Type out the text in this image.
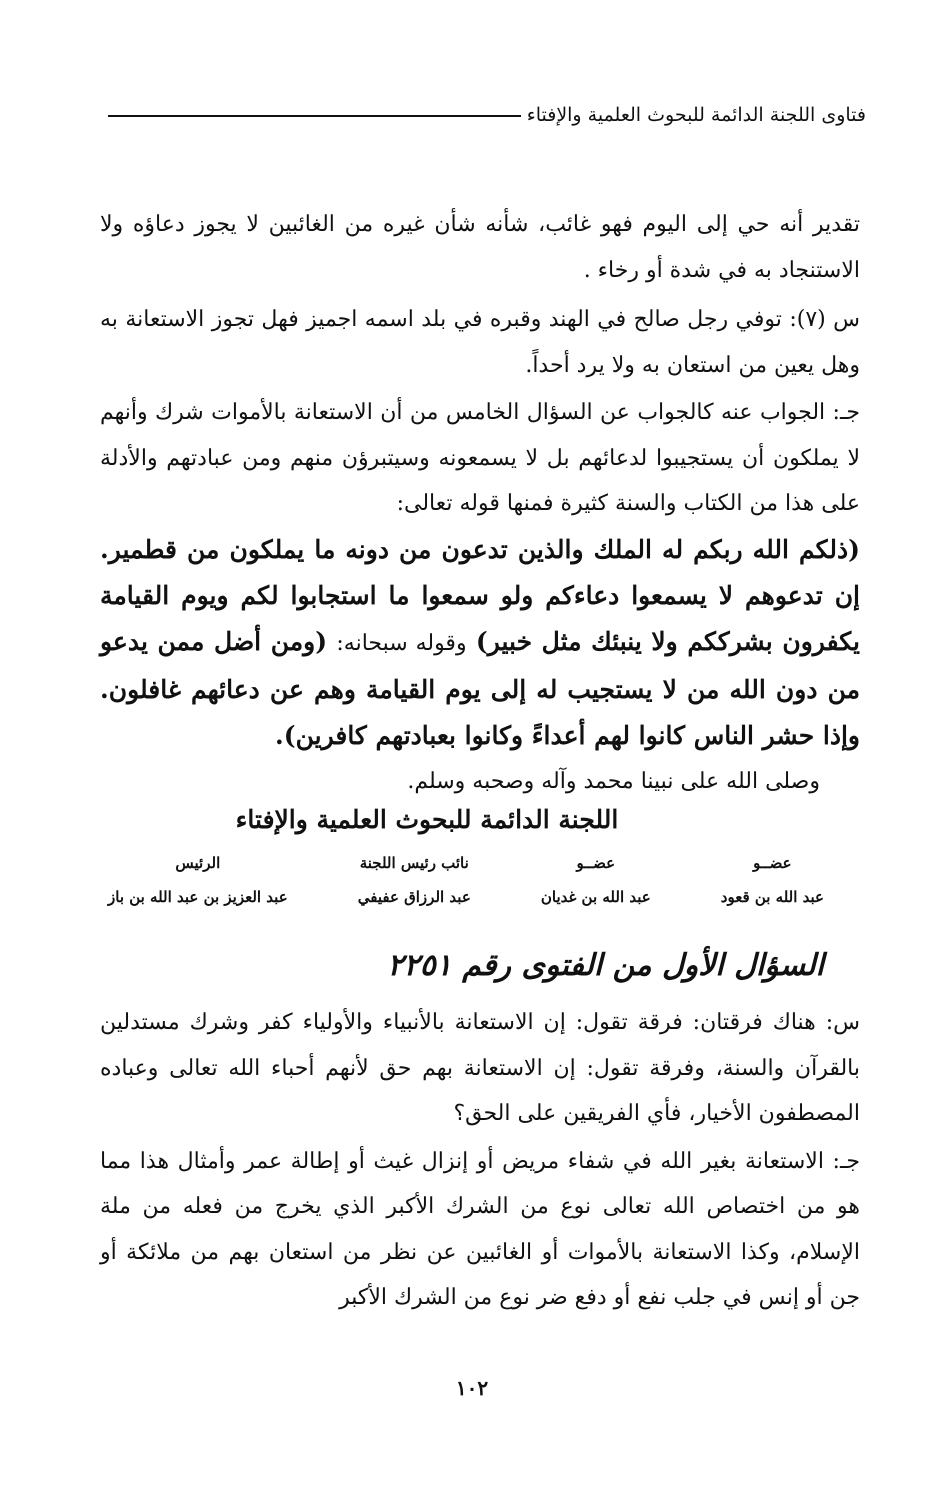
فتاوى اللجنة الدائمة للبحوث العلمية والإفتاء

تقدير أنه حي إلى اليوم فهو غائب، شأنه شأن غيره من الغائبين لا يجوز دعاؤه ولا الاستنجاد به في شدة أو رخاء .

س (٧): توفي رجل صالح في الهند وقبره في بلد اسمه اجميز فهل تجوز الاستعانة به وهل يعين من استعان به ولا يرد أحداً.

جـ: الجواب عنه كالجواب عن السؤال الخامس من أن الاستعانة بالأموات شرك وأنهم لا يملكون أن يستجيبوا لدعائهم بل لا يسمعونه وسيتبرؤن منهم ومن عبادتهم والأدلة على هذا من الكتاب والسنة كثيرة فمنها قوله تعالى:

(ذلكم الله ربكم له الملك والذين تدعون من دونه ما يملكون من قطمير. إن تدعوهم لا يسمعوا دعاءكم ولو سمعوا ما استجابوا لكم ويوم القيامة يكفرون بشرككم ولا ينبئك مثل خبير) وقوله سبحانه: (ومن أضل ممن يدعو من دون الله من لا يستجيب له إلى يوم القيامة وهم عن دعائهم غافلون. وإذا حشر الناس كانوا لهم أعداءً وكانوا بعبادتهم كافرين).

وصلى الله على نبينا محمد وآله وصحبه وسلم.

اللجنة الدائمة للبحوث العلمية والإفتاء
عضــو
عبد الله بن قعود
عضــو
عبد الله بن غديان
نائب رئيس اللجنة
عبد الرزاق عفيفي
الرئيس
عبد العزيز بن عبد الله بن باز
السؤال الأول من الفتوى رقم ٢٢٥١

س: هناك فرقتان: فرقة تقول: إن الاستعانة بالأنبياء والأولياء كفر وشرك مستدلين بالقرآن والسنة، وفرقة تقول: إن الاستعانة بهم حق لأنهم أحباء الله تعالى وعباده المصطفون الأخيار، فأي الفريقين على الحق؟

جـ: الاستعانة بغير الله في شفاء مريض أو إنزال غيث أو إطالة عمر وأمثال هذا مما هو من اختصاص الله تعالى نوع من الشرك الأكبر الذي يخرج من فعله من ملة الإسلام، وكذا الاستعانة بالأموات أو الغائبين عن نظر من استعان بهم من ملائكة أو جن أو إنس في جلب نفع أو دفع ضر نوع من الشرك الأكبر

١٠٢
